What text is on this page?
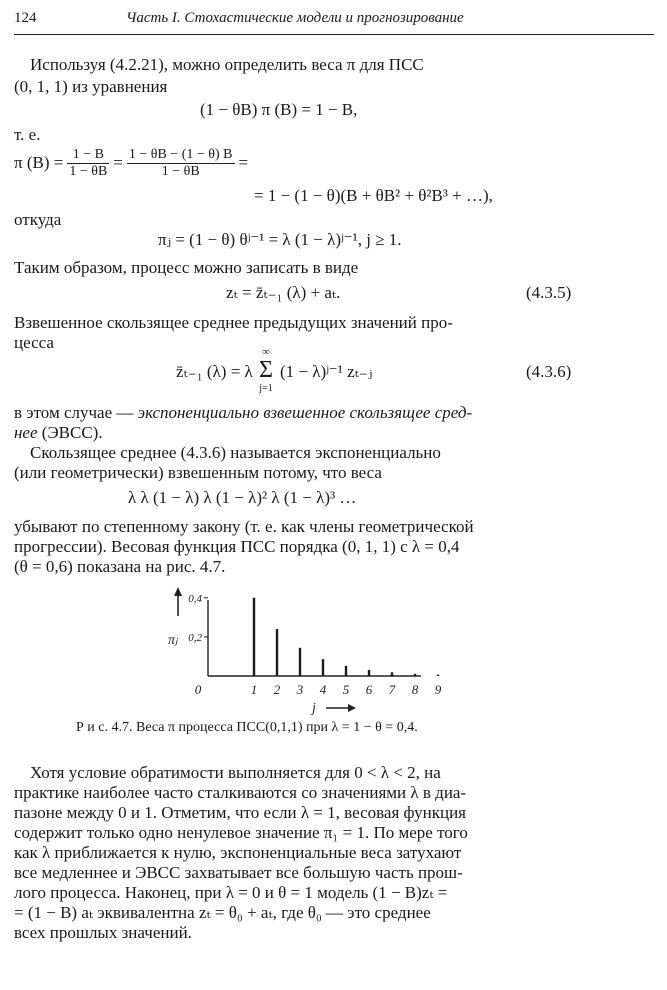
124	Часть I. Стохастические модели и прогнозирование
Используя (4.2.21), можно определить веса π для ПСС
(0, 1, 1) из уравнения
(1 − θB) π (B) = 1 − B,
т. е.
π $(B) = \frac{1 - B}{1 - \theta B} = \frac{1 - \theta B - (1 - \theta) B}{1 - \theta B}$ =
= 1 − (1 − θ)(B + θB² + θ²B³ + …),
откуда
πⱼ = (1 − θ) θʲ⁻¹ = λ (1 − λ)ʲ⁻¹, j ≥ 1.
Таким образом, процесс можно записать в виде
zₜ = z̄ₜ₋₁ (λ) + aₜ.	(4.3.5)
Взвешенное скользящее среднее предыдущих значений про-
цесса
z̄ₜ₋₁ (λ) = λ
∞
Σ
j=1
(1 − λ)ʲ⁻¹ zₜ₋ⱼ	(4.3.6)
в этом случае — экспоненциально взвешенное скользящее сред-
нее (ЭВСС).
Скользящее среднее (4.3.6) называется экспоненциально
(или геометрически) взвешенным потому, что веса
λ λ (1 − λ) λ (1 − λ)² λ (1 − λ)³ …
убывают по степенному закону (т. е. как члены геометрической
прогрессии). Весовая функция ПСС порядка (0, 1, 1) с λ = 0,4
(θ = 0,6) показана на рис. 4.7.
0,2
0,4
πⱼ
0	1 2 3 4 5 6 7 8 9
j
Р и с. 4.7. Веса π процесса ПСС(0,1,1) при λ = 1 − θ = 0,4.
Хотя условие обратимости выполняется для 0 < λ < 2, на
практике наиболее часто сталкиваются со значениями λ в диа-
пазоне между 0 и 1. Отметим, что если λ = 1, весовая функция
содержит только одно ненулевое значение π₁ = 1. По мере того
как λ приближается к нулю, экспоненциальные веса затухают
все медленнее и ЭВСС захватывает все большую часть прош-
лого процесса. Наконец, при λ = 0 и θ = 1 модель (1 − B)zₜ =
= (1 − B) aₜ эквивалентна zₜ = θ₀ + aₜ, где θ₀ — это среднее
всех прошлых значений.
